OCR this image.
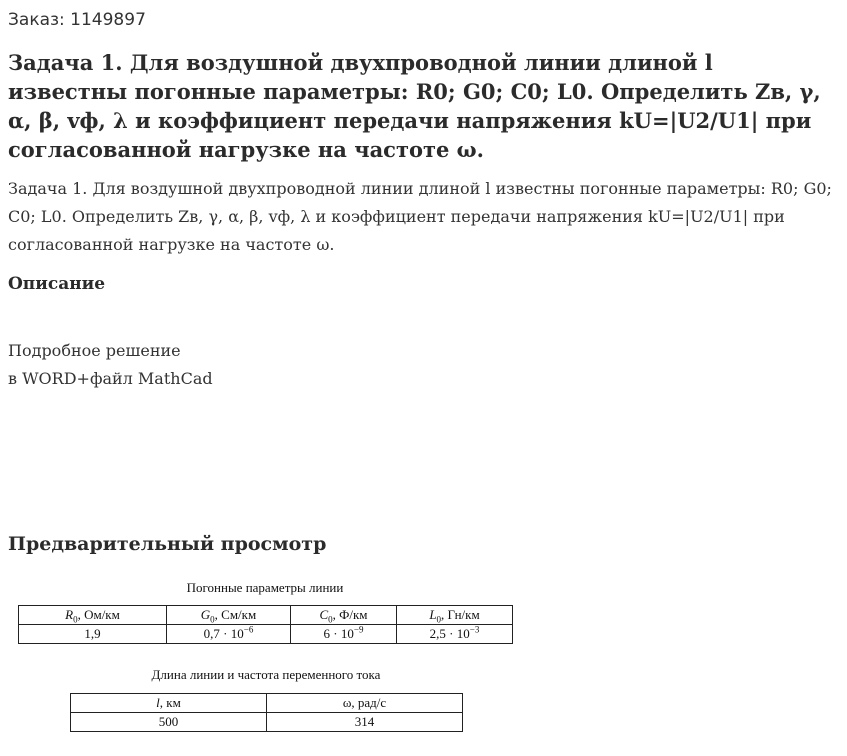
Заказ: 1149897
Задача 1. Для воздушной двухпроводной линии длиной l известны погонные параметры: R0; G0; C0; L0. Определить Zв, γ, α, β, vф, λ и коэффициент передачи напряжения kU=|U2/U1| при согласованной нагрузке на частоте ω.

Задача 1. Для воздушной двухпроводной линии длиной l известны погонные параметры: R0; G0; C0; L0. Определить Zв, γ, α, β, vф, λ и коэффициент передачи напряжения kU=|U2/U1| при согласованной нагрузке на частоте ω.

Описание
Подробное решение
в WORD+файл MathCad
Предварительный просмотр
Погонные параметры линии
$R_0$, Ом/км	$G_0$, См/км	$C_0$, Ф/км	$L_0$, Гн/км
1,9	$0,7 \cdot 10^{-6}$	$6 \cdot 10^{-9}$	$2,5 \cdot 10^{-3}$
Длина линии и частота переменного тока
l, км	ω, рад/с
500	314
